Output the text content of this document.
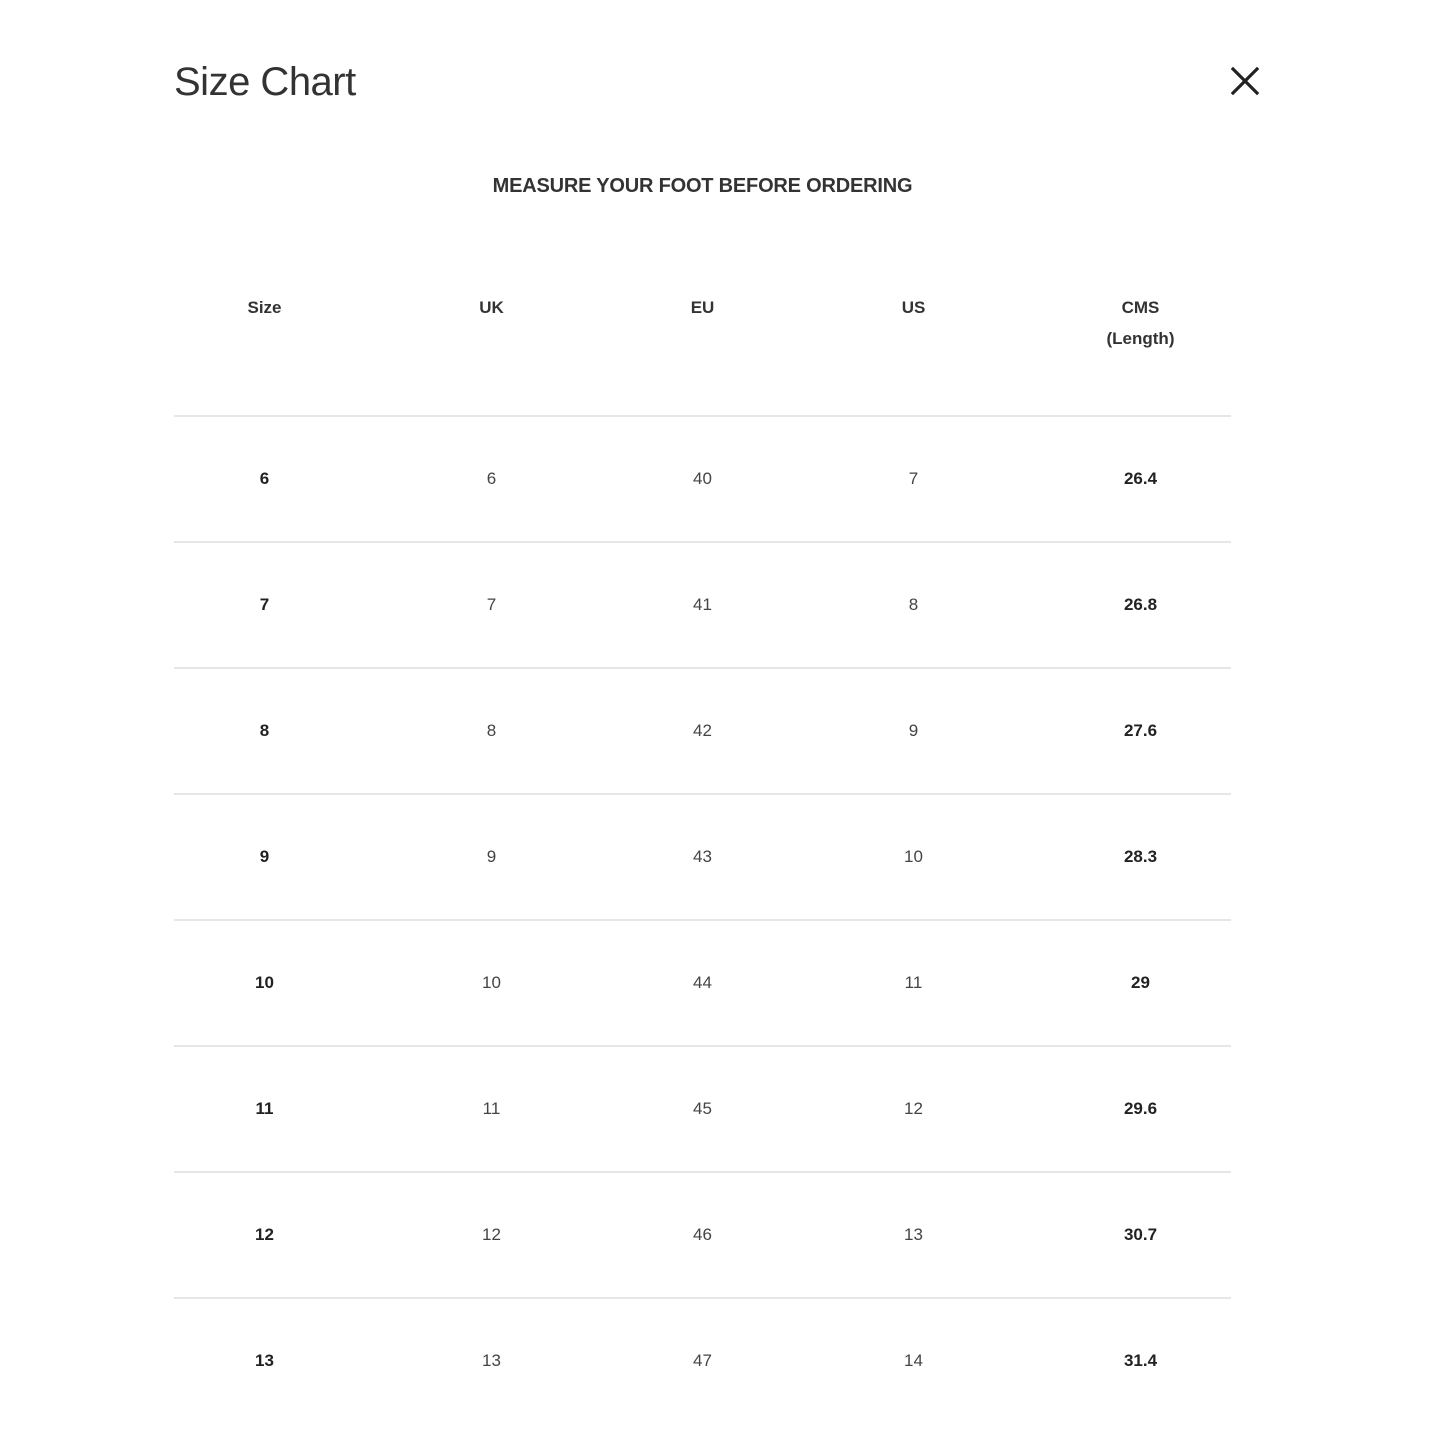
Size Chart
MEASURE YOUR FOOT BEFORE ORDERING
Size	UK	EU	US	CMS
(Length)

6	6	40	7	26.4
7	7	41	8	26.8
8	8	42	9	27.6
9	9	43	10	28.3
10	10	44	11	29
11	11	45	12	29.6
12	12	46	13	30.7
13	13	47	14	31.4
